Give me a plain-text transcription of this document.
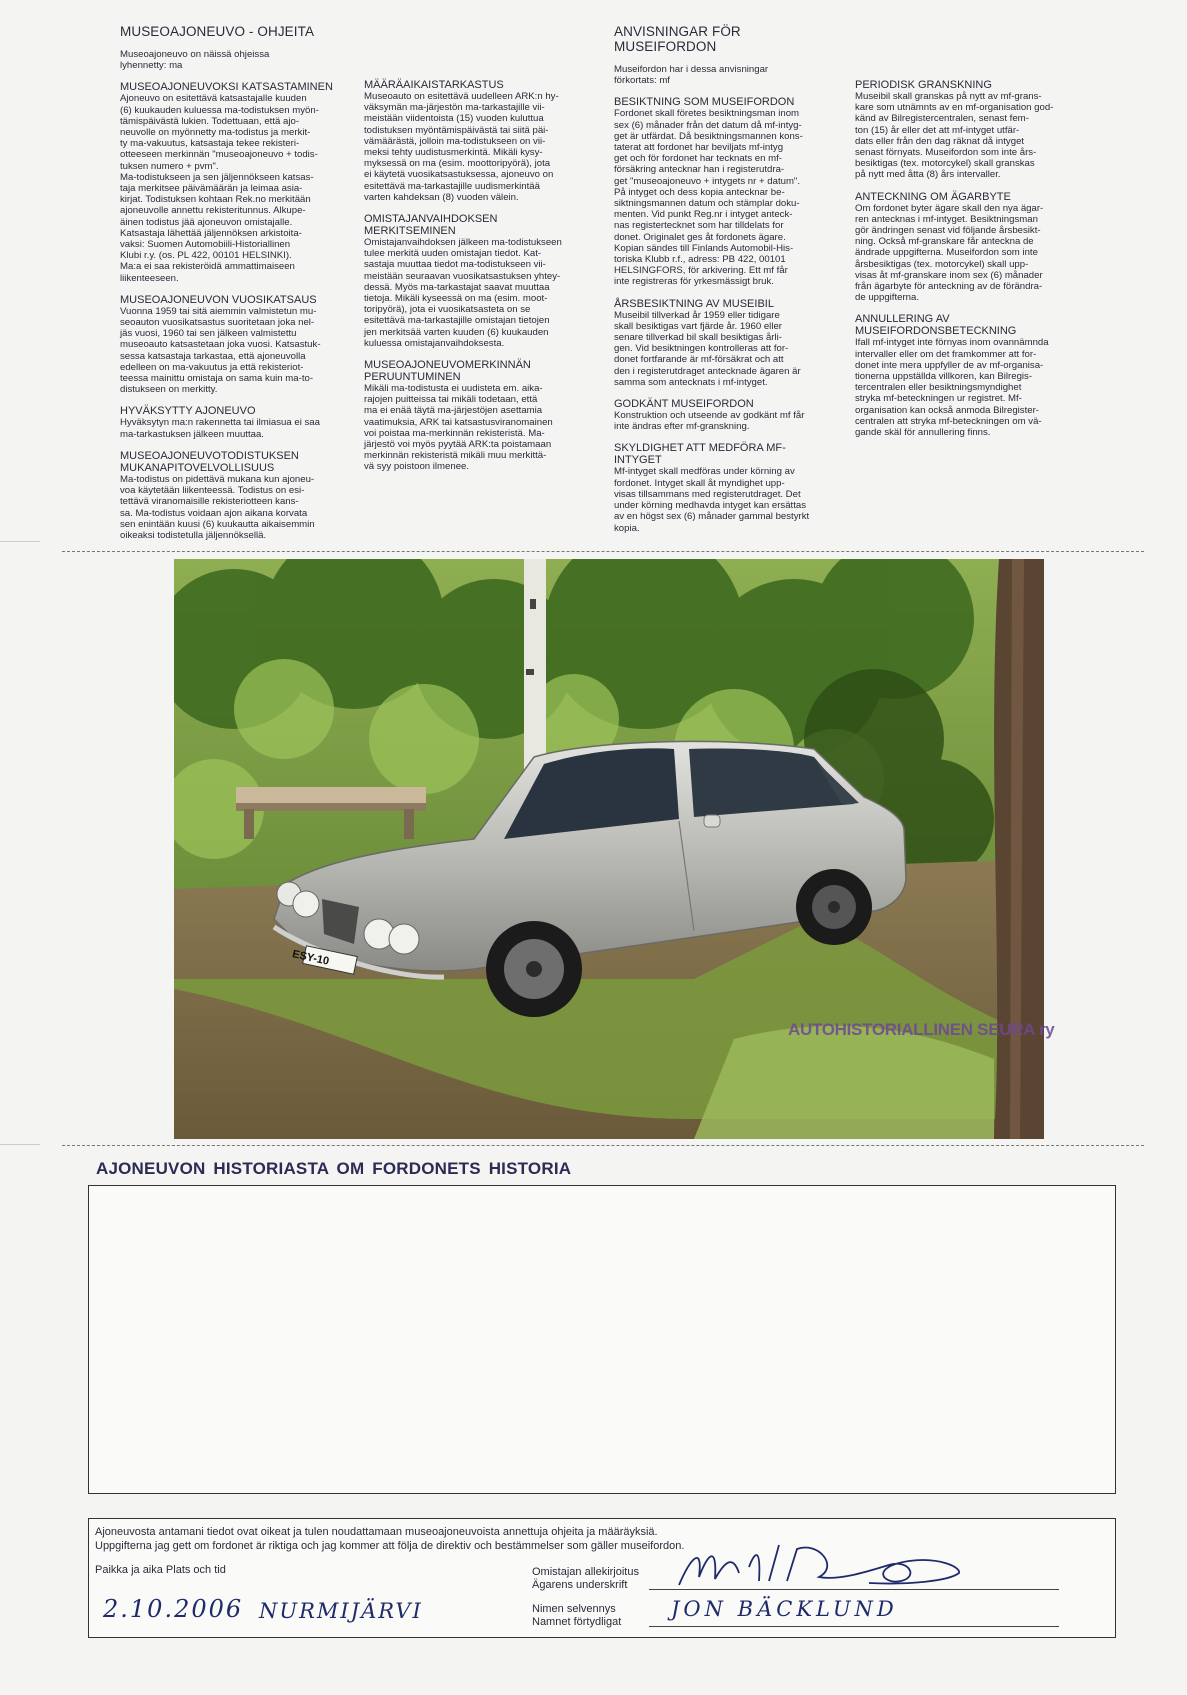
MUSEOAJONEUVO - OHJEITA
Museoajoneuvo on näissä ohjeissa
lyhennetty: ma
MUSEOAJONEUVOKSI KATSASTAMINEN

Ajoneuvo on esitettävä katsastajalle kuuden
(6) kuukauden kuluessa ma-todistuksen myön-
tämispäivästä lukien. Todettuaan, että ajo-
neuvolle on myönnetty ma-todistus ja merkit-
ty ma-vakuutus, katsastaja tekee rekisteri-
otteeseen merkinnän "museoajoneuvo + todis-
tuksen numero + pvm".
Ma-todistukseen ja sen jäljennökseen katsas-
taja merkitsee päivämäärän ja leimaa asia-
kirjat. Todistuksen kohtaan Rek.no merkitään
ajoneuvolle annettu rekisteritunnus. Alkupe-
äinen todistus jää ajoneuvon omistajalle.
Katsastaja lähettää jäljennöksen arkistoita-
vaksi: Suomen Automobiili-Historiallinen
Klubi r.y. (os. PL 422, 00101 HELSINKI).
Ma:a ei saa rekisteröidä ammattimaiseen
liikenteeseen.

MUSEOAJONEUVON VUOSIKATSAUS

Vuonna 1959 tai sitä aiemmin valmistetun mu-
seoauton vuosikatsastus suoritetaan joka nel-
jäs vuosi, 1960 tai sen jälkeen valmistettu
museoauto katsastetaan joka vuosi. Katsastuk-
sessa katsastaja tarkastaa, että ajoneuvolla
edelleen on ma-vakuutus ja että rekisteriot-
teessa mainittu omistaja on sama kuin ma-to-
distukseen on merkitty.

HYVÄKSYTTY AJONEUVO

Hyväksytyn ma:n rakennetta tai ilmiasua ei saa
ma-tarkastuksen jälkeen muuttaa.

MUSEOAJONEUVOTODISTUKSEN
MUKANAPITOVELVOLLISUUS

Ma-todistus on pidettävä mukana kun ajoneu-
voa käytetään liikenteessä. Todistus on esi-
tettävä viranomaisille rekisteriotteen kans-
sa. Ma-todistus voidaan ajon aikana korvata
sen enintään kuusi (6) kuukautta aikaisemmin
oikeaksi todistetulla jäljennöksellä.

MÄÄRÄAIKAISTARKASTUS

Museoauto on esitettävä uudelleen ARK:n hy-
väksymän ma-järjestön ma-tarkastajille vii-
meistään viidentoista (15) vuoden kuluttua
todistuksen myöntämispäivästä tai siitä päi-
vämäärästä, jolloin ma-todistukseen on vii-
meksi tehty uudistusmerkintä. Mikäli kysy-
myksessä on ma (esim. moottoripyörä), jota
ei käytetä vuosikatsastuksessa, ajoneuvo on
esitettävä ma-tarkastajille uudismerkintää
varten kahdeksan (8) vuoden välein.

OMISTAJANVAIHDOKSEN
MERKITSEMINEN

Omistajanvaihdoksen jälkeen ma-todistukseen
tulee merkitä uuden omistajan tiedot. Kat-
sastaja muuttaa tiedot ma-todistukseen vii-
meistään seuraavan vuosikatsastuksen yhtey-
dessä. Myös ma-tarkastajat saavat muuttaa
tietoja. Mikäli kyseessä on ma (esim. moot-
toripyörä), jota ei vuosikatsasteta on se
esitettävä ma-tarkastajille omistajan tietojen
jen merkitsää varten kuuden (6) kuukauden
kuluessa omistajanvaihdoksesta.

MUSEOAJONEUVOMERKINNÄN
PERUUNTUMINEN

Mikäli ma-todistusta ei uudisteta em. aika-
rajojen puitteissa tai mikäli todetaan, että
ma ei enää täytä ma-järjestöjen asettamia
vaatimuksia, ARK tai katsastusviranomainen
voi poistaa ma-merkinnän rekisteristä. Ma-
järjestö voi myös pyytää ARK:ta poistamaan
merkinnän rekisteristä mikäli muu merkittä-
vä syy poistoon ilmenee.

ANVISNINGAR FÖR MUSEIFORDON
Museifordon har i dessa anvisningar
förkortats: mf
BESIKTNING SOM MUSEIFORDON

Fordonet skall företes besiktningsman inom
sex (6) månader från det datum då mf-intyg-
get är utfärdat. Då besiktningsmannen kons-
taterat att fordonet har beviljats mf-intyg
get och för fordonet har tecknats en mf-
försäkring antecknar han i registerutdra-
get "museoajoneuvo + intygets nr + datum".
På intyget och dess kopia antecknar be-
siktningsmannen datum och stämplar doku-
menten. Vid punkt Reg.nr i intyget anteck-
nas registertecknet som har tilldelats for
donet. Originalet ges åt fordonets ägare.
Kopian sändes till Finlands Automobil-His-
toriska Klubb r.f., adress: PB 422, 00101
HELSINGFORS, för arkivering. Ett mf får
inte registreras för yrkesmässigt bruk.

ÅRSBESIKTNING AV MUSEIBIL

Museibil tillverkad år 1959 eller tidigare
skall besiktigas vart fjärde år. 1960 eller
senare tillverkad bil skall besiktigas årli-
gen. Vid besiktningen kontrolleras att for-
donet fortfarande är mf-försäkrat och att
den i registerutdraget antecknade ägaren är
samma som antecknats i mf-intyget.

GODKÄNT MUSEIFORDON

Konstruktion och utseende av godkänt mf får
inte ändras efter mf-granskning.

SKYLDIGHET ATT MEDFÖRA MF-INTYGET

Mf-intyget skall medföras under körning av
fordonet. Intyget skall åt myndighet upp-
visas tillsammans med registerutdraget. Det
under körning medhavda intyget kan ersättas
av en högst sex (6) månader gammal bestyrkt
kopia.

PERIODISK GRANSKNING

Museibil skall granskas på nytt av mf-grans-
kare som utnämnts av en mf-organisation god-
känd av Bilregistercentralen, senast fem-
ton (15) år eller det att mf-intyget utfär-
dats eller från den dag räknat då intyget
senast förnyats. Museifordon som inte års-
besiktigas (tex. motorcykel) skall granskas
på nytt med åtta (8) års intervaller.

ANTECKNING OM ÄGARBYTE

Om fordonet byter ägare skall den nya ägar-
ren antecknas i mf-intyget. Besiktningsman
gör ändringen senast vid följande årsbesikt-
ning. Också mf-granskare får anteckna de
ändrade uppgifterna. Museifordon som inte
årsbesiktigas (tex. motorcykel) skall upp-
visas åt mf-granskare inom sex (6) månader
från ägarbyte för anteckning av de förändra-
de uppgifterna.

ANNULLERING AV MUSEIFORDONSBETECKNING

Ifall mf-intyget inte förnyas inom ovannämnda
intervaller eller om det framkommer att for-
donet inte mera uppfyller de av mf-organisa-
tionerna uppställda villkoren, kan Bilregis-
tercentralen eller besiktningsmyndighet
stryka mf-beteckningen ur registret. Mf-
organisation kan också anmoda Bilregister-
centralen att stryka mf-beteckningen om vä-
gande skäl för annullering finns.

ESY-10
AUTOHISTORIALLINEN SEURA ry
AJONEUVON HISTORIASTA OM FORDONETS HISTORIA
Ajoneuvosta antamani tiedot ovat oikeat ja tulen noudattamaan museoajoneuvoista annettuja ohjeita ja määräyksiä.
Uppgifterna jag gett om fordonet är riktiga och jag kommer att följa de direktiv och bestämmelser som gäller museifordon.
Paikka ja aika Plats och tid	Omistajan allekirjoitus
Ägarens underskrift
Nimen selvennys
Namnet förtydligat
2.10.2006 NURMIJÄRVI	JON BÄCKLUND
